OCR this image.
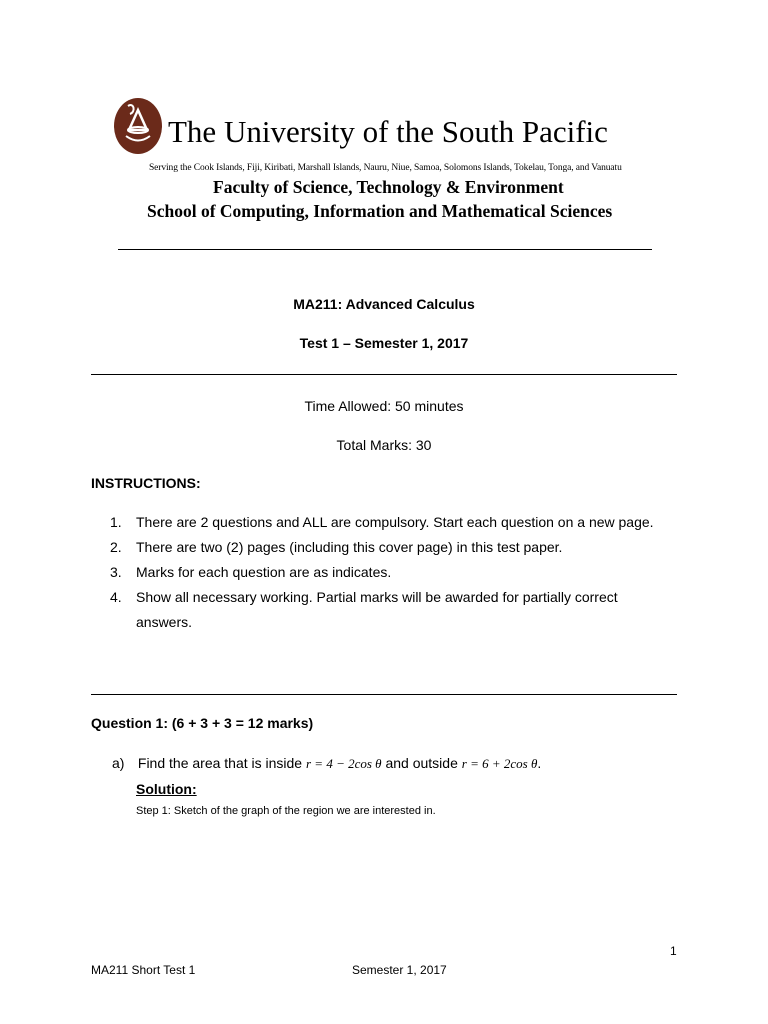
The University of the South Pacific
Serving the Cook Islands, Fiji, Kiribati, Marshall Islands, Nauru, Niue, Samoa, Solomons Islands, Tokelau, Tonga, and Vanuatu
Faculty of Science, Technology & Environment
School of Computing, Information and Mathematical Sciences
MA211: Advanced Calculus
Test 1 – Semester 1, 2017
Time Allowed: 50 minutes
Total Marks: 30
INSTRUCTIONS:
1. There are 2 questions and ALL are compulsory. Start each question on a new page.
2. There are two (2) pages (including this cover page) in this test paper.
3. Marks for each question are as indicates.
4. Show all necessary working. Partial marks will be awarded for partially correct answers.
Question 1: (6 + 3 + 3 = 12 marks)
a) Find the area that is inside r = 4 − 2cos θ and outside r = 6 + 2cos θ.
Solution:
Step 1: Sketch of the graph of the region we are interested in.
1
MA211 Short Test 1	Semester 1, 2017
